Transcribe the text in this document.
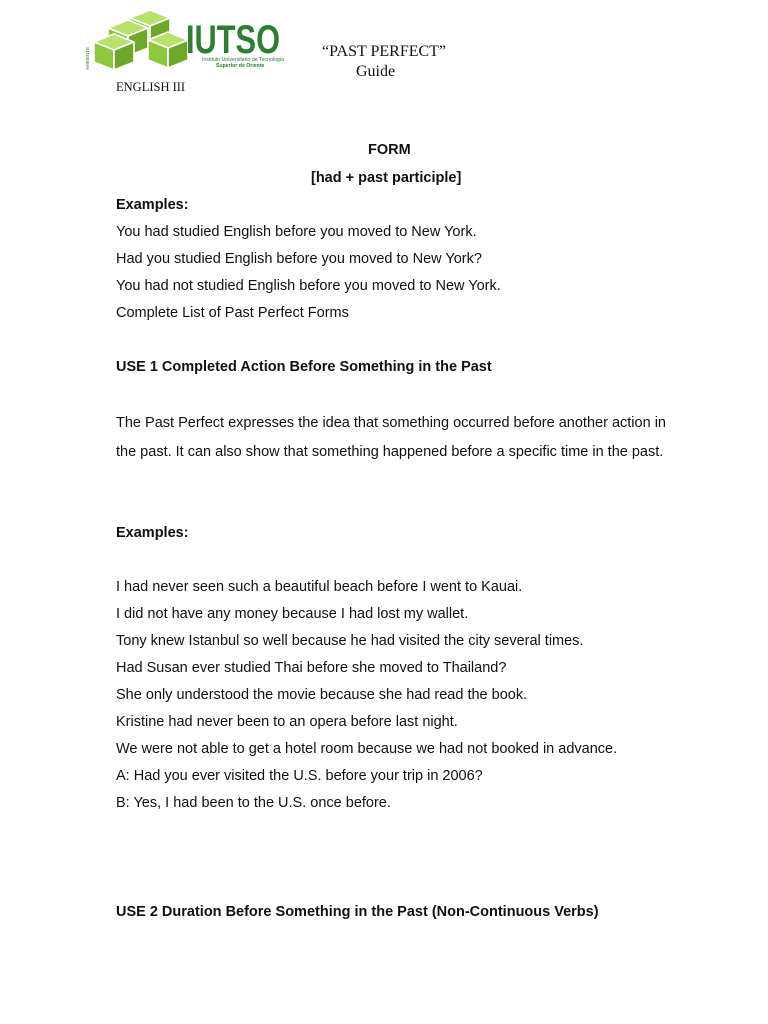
AMBIENTE IUTSO
Instituto Universitario de Tecnología
Superior de Oriente
“PAST PERFECT”
Guide
ENGLISH III
FORM
[had + past participle]
Examples:
You had studied English before you moved to New York.
Had you studied English before you moved to New York?
You had not studied English before you moved to New York.
Complete List of Past Perfect Forms
USE 1 Completed Action Before Something in the Past
The Past Perfect expresses the idea that something occurred before another action in the past. It can also show that something happened before a specific time in the past.
Examples:
I had never seen such a beautiful beach before I went to Kauai.
I did not have any money because I had lost my wallet.
Tony knew Istanbul so well because he had visited the city several times.
Had Susan ever studied Thai before she moved to Thailand?
She only understood the movie because she had read the book.
Kristine had never been to an opera before last night.
We were not able to get a hotel room because we had not booked in advance.
A: Had you ever visited the U.S. before your trip in 2006?
B: Yes, I had been to the U.S. once before.
USE 2 Duration Before Something in the Past (Non-Continuous Verbs)
